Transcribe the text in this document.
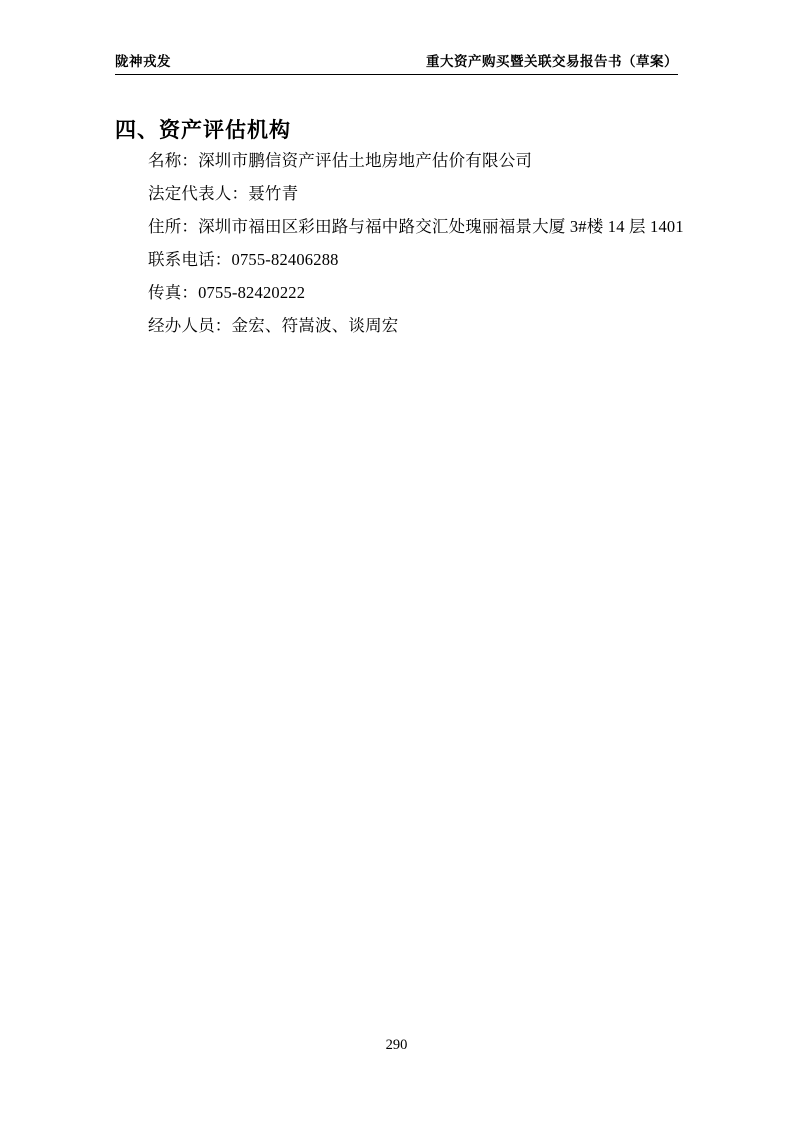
陇神戎发	重大资产购买暨关联交易报告书（草案）
四、资产评估机构

名称：深圳市鹏信资产评估土地房地产估价有限公司

法定代表人：聂竹青

住所：深圳市福田区彩田路与福中路交汇处瑰丽福景大厦 3#楼 14 层 1401

联系电话：0755-82406288

传真：0755-82420222

经办人员：金宏、符嵩波、谈周宏

290
